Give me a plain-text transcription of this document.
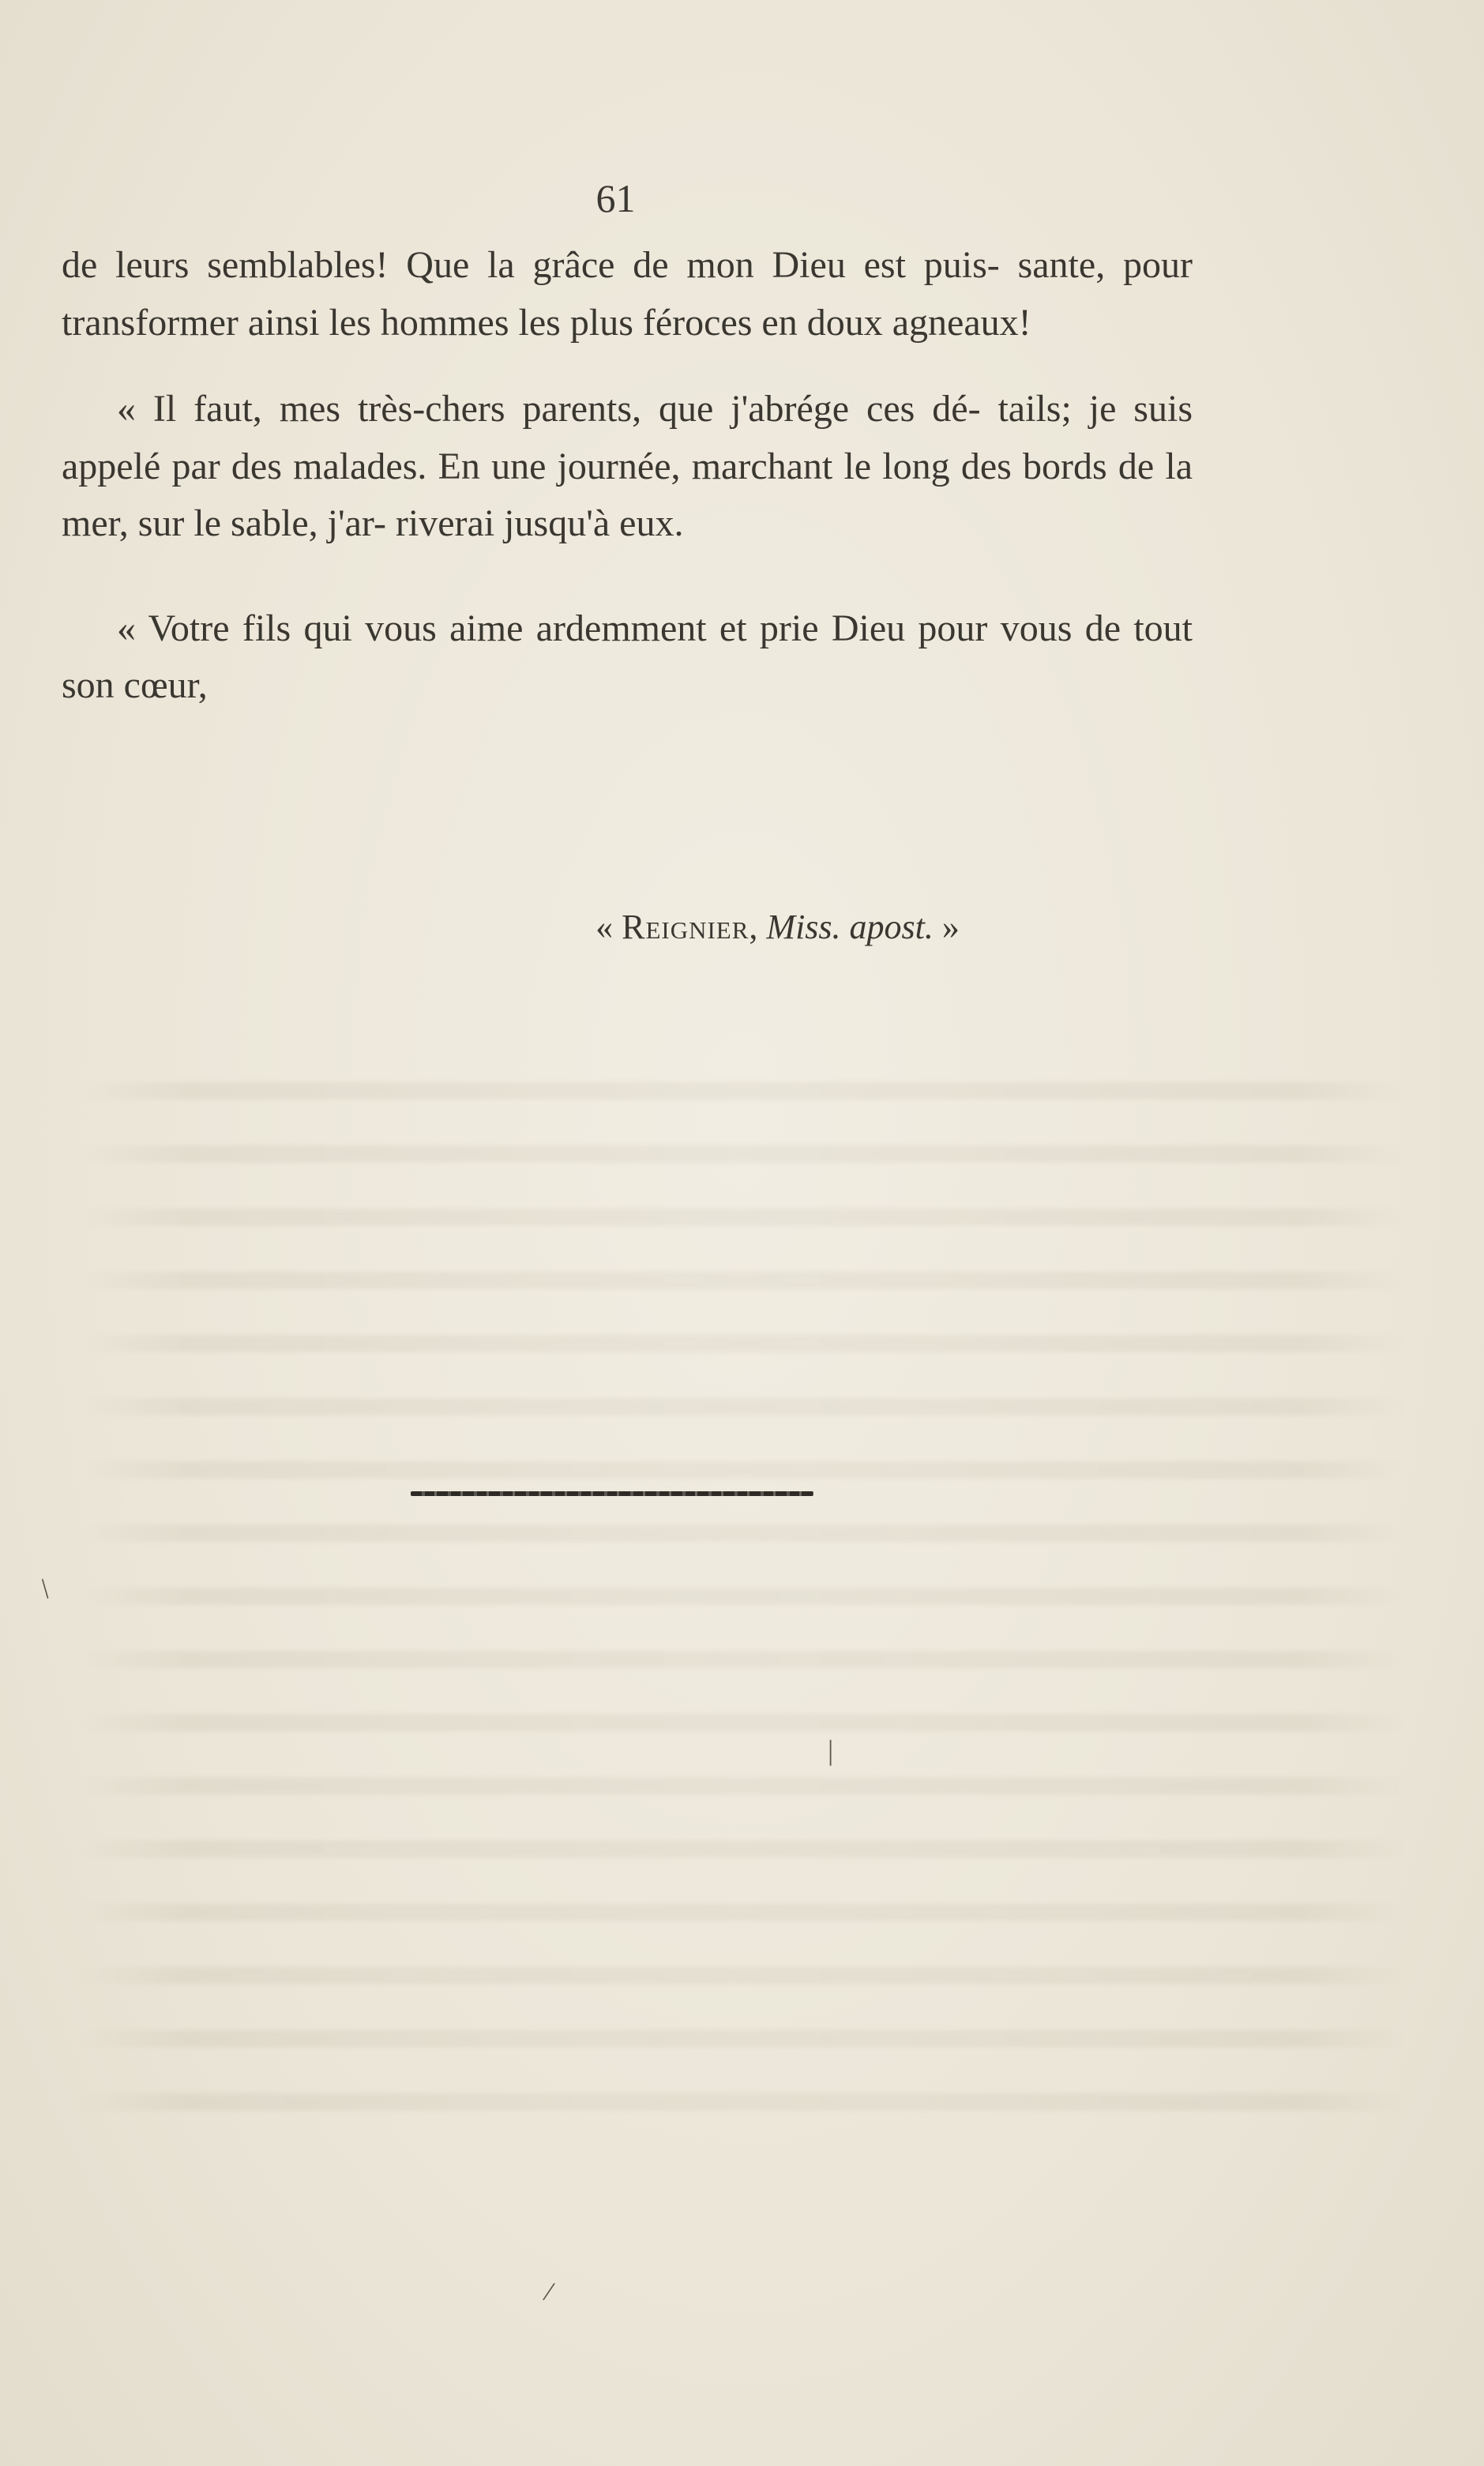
61

de leurs semblables! Que la grâce de mon Dieu est puis- sante, pour transformer ainsi les hommes les plus féroces en doux agneaux!

« Il faut, mes très-chers parents, que j'abrége ces dé- tails; je suis appelé par des malades. En une journée, marchant le long des bords de la mer, sur le sable, j'ar- riverai jusqu'à eux.

« Votre fils qui vous aime ardemment et prie Dieu pour vous de tout son cœur,

« Reignier, Miss. apost. »
/
|
/
